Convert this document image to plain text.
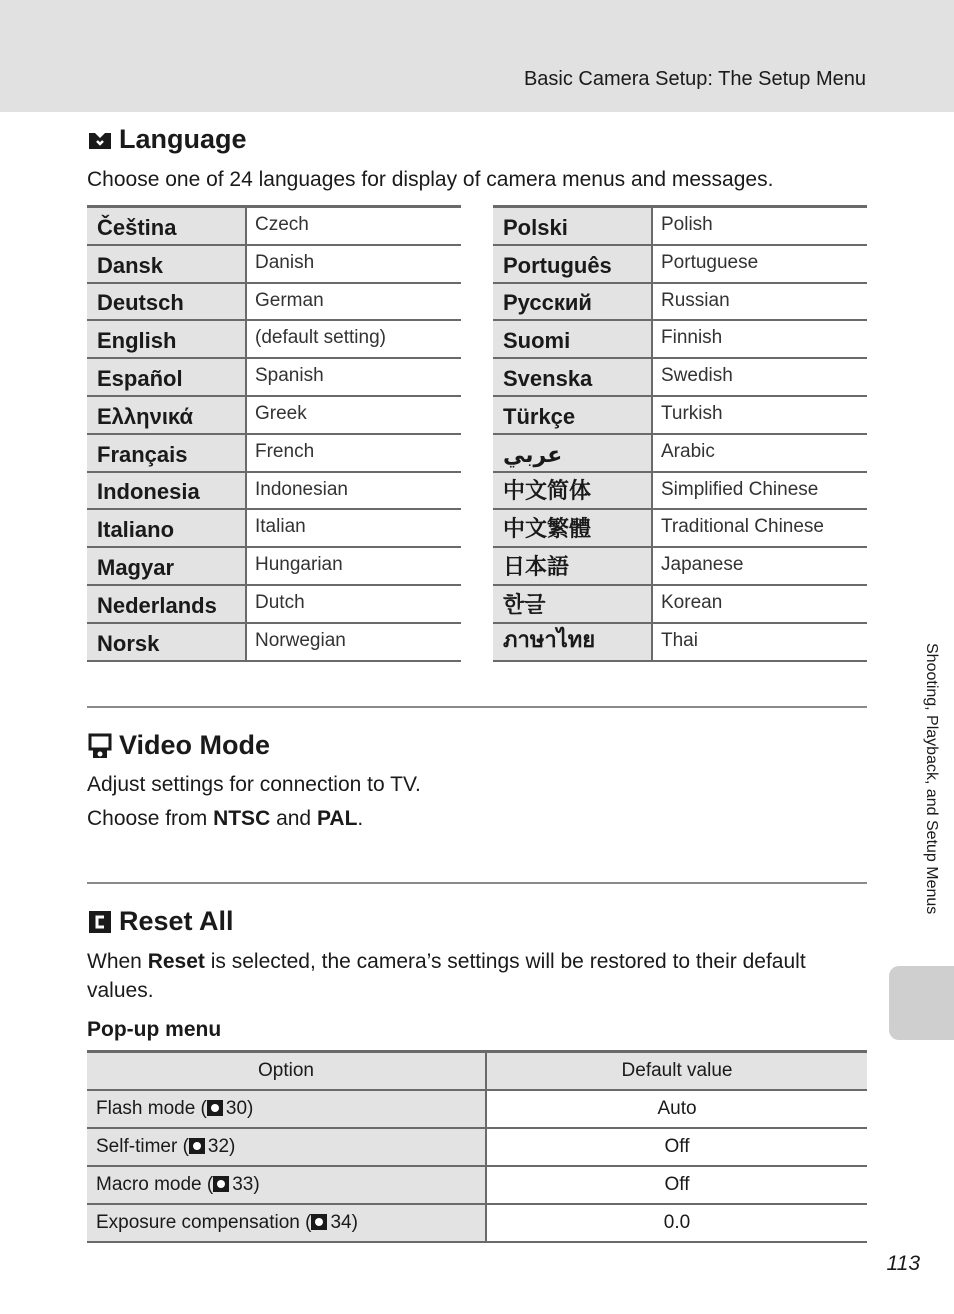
Basic Camera Setup: The Setup Menu
Language

Choose one of 24 languages for display of camera menus and messages.

Čeština	Czech
Dansk	Danish
Deutsch	German
English	(default setting)
Español	Spanish
Ελληνικά	Greek
Français	French
Indonesia	Indonesian
Italiano	Italian
Magyar	Hungarian
Nederlands	Dutch
Norsk	Norwegian
Polski	Polish
Português	Portuguese
Русский	Russian
Suomi	Finnish
Svenska	Swedish
Türkçe	Turkish
عربي	Arabic
中文简体	Simplified Chinese
中文繁體	Traditional Chinese
日本語	Japanese
한글	Korean
ภาษาไทย	Thai
Video Mode

Adjust settings for connection to TV.

Choose from NTSC and PAL.

Reset All

When Reset is selected, the camera’s settings will be restored to their default values.

Pop-up menu
Option	Default value
Flash mode ( 30)	Auto
Self-timer ( 32)	Off
Macro mode ( 33)	Off
Exposure compensation ( 34)	0.0
Shooting, Playback, and Setup Menus
113
